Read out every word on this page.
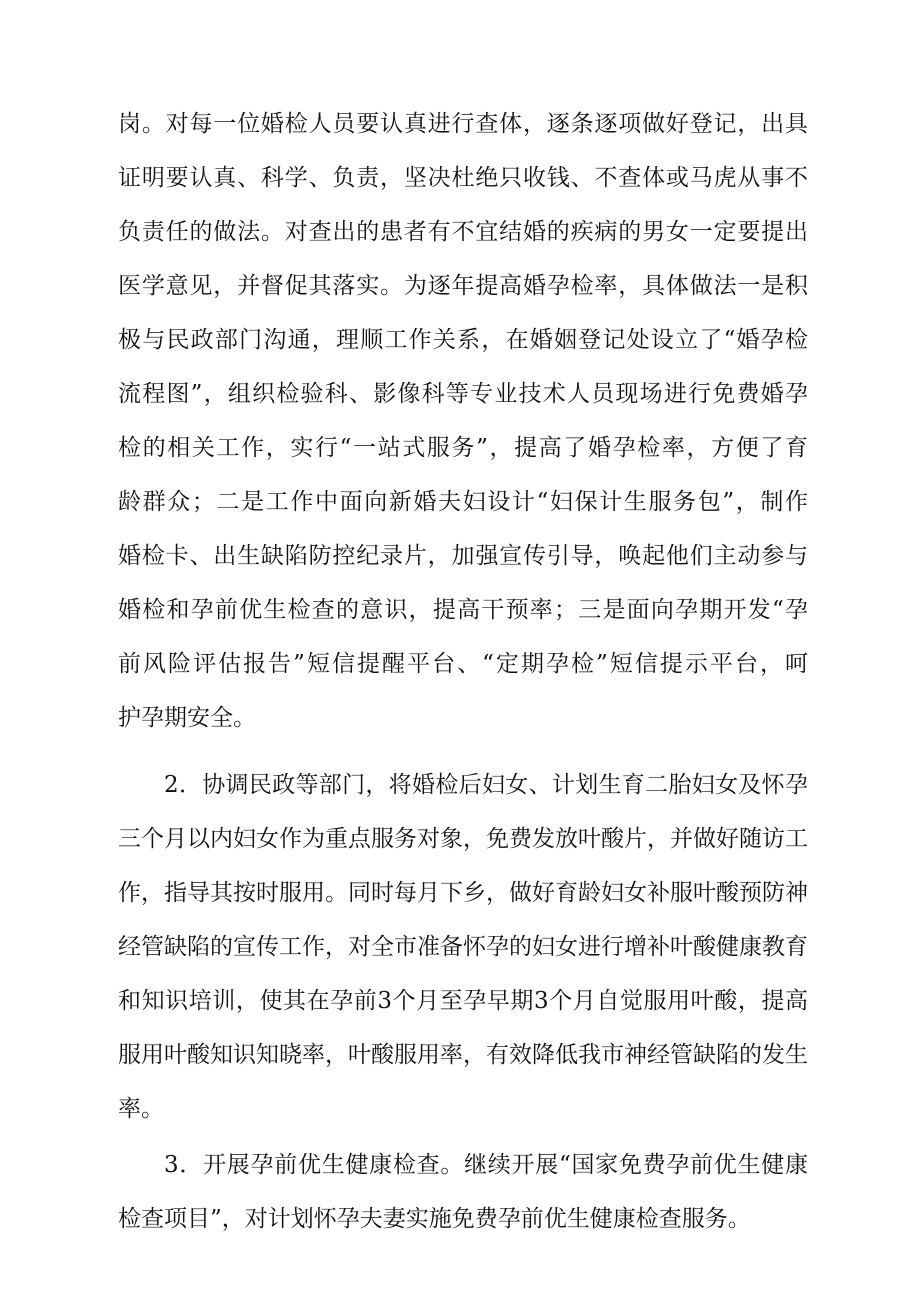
岗。对每一位婚检人员要认真进行查体，逐条逐项做好登记，出具
证明要认真、科学、负责，坚决杜绝只收钱、不查体或马虎从事不
负责任的做法。对查出的患者有不宜结婚的疾病的男女一定要提出
医学意见，并督促其落实。为逐年提高婚孕检率，具体做法一是积
极与民政部门沟通，理顺工作关系，在婚姻登记处设立了“婚孕检
流程图”，组织检验科、影像科等专业技术人员现场进行免费婚孕
检的相关工作，实行“一站式服务”，提高了婚孕检率，方便了育
龄群众；二是工作中面向新婚夫妇设计“妇保计生服务包”，制作
婚检卡、出生缺陷防控纪录片，加强宣传引导，唤起他们主动参与
婚检和孕前优生检查的意识，提高干预率；三是面向孕期开发“孕
前风险评估报告”短信提醒平台、“定期孕检”短信提示平台，呵
护孕期安全。
2．协调民政等部门，将婚检后妇女、计划生育二胎妇女及怀孕
三个月以内妇女作为重点服务对象，免费发放叶酸片，并做好随访工
作，指导其按时服用。同时每月下乡，做好育龄妇女补服叶酸预防神
经管缺陷的宣传工作，对全市准备怀孕的妇女进行增补叶酸健康教育
和知识培训，使其在孕前3个月至孕早期3个月自觉服用叶酸，提高
服用叶酸知识知晓率，叶酸服用率，有效降低我市神经管缺陷的发生
率。
3．开展孕前优生健康检查。继续开展“国家免费孕前优生健康
检查项目”，对计划怀孕夫妻实施免费孕前优生健康检查服务。
